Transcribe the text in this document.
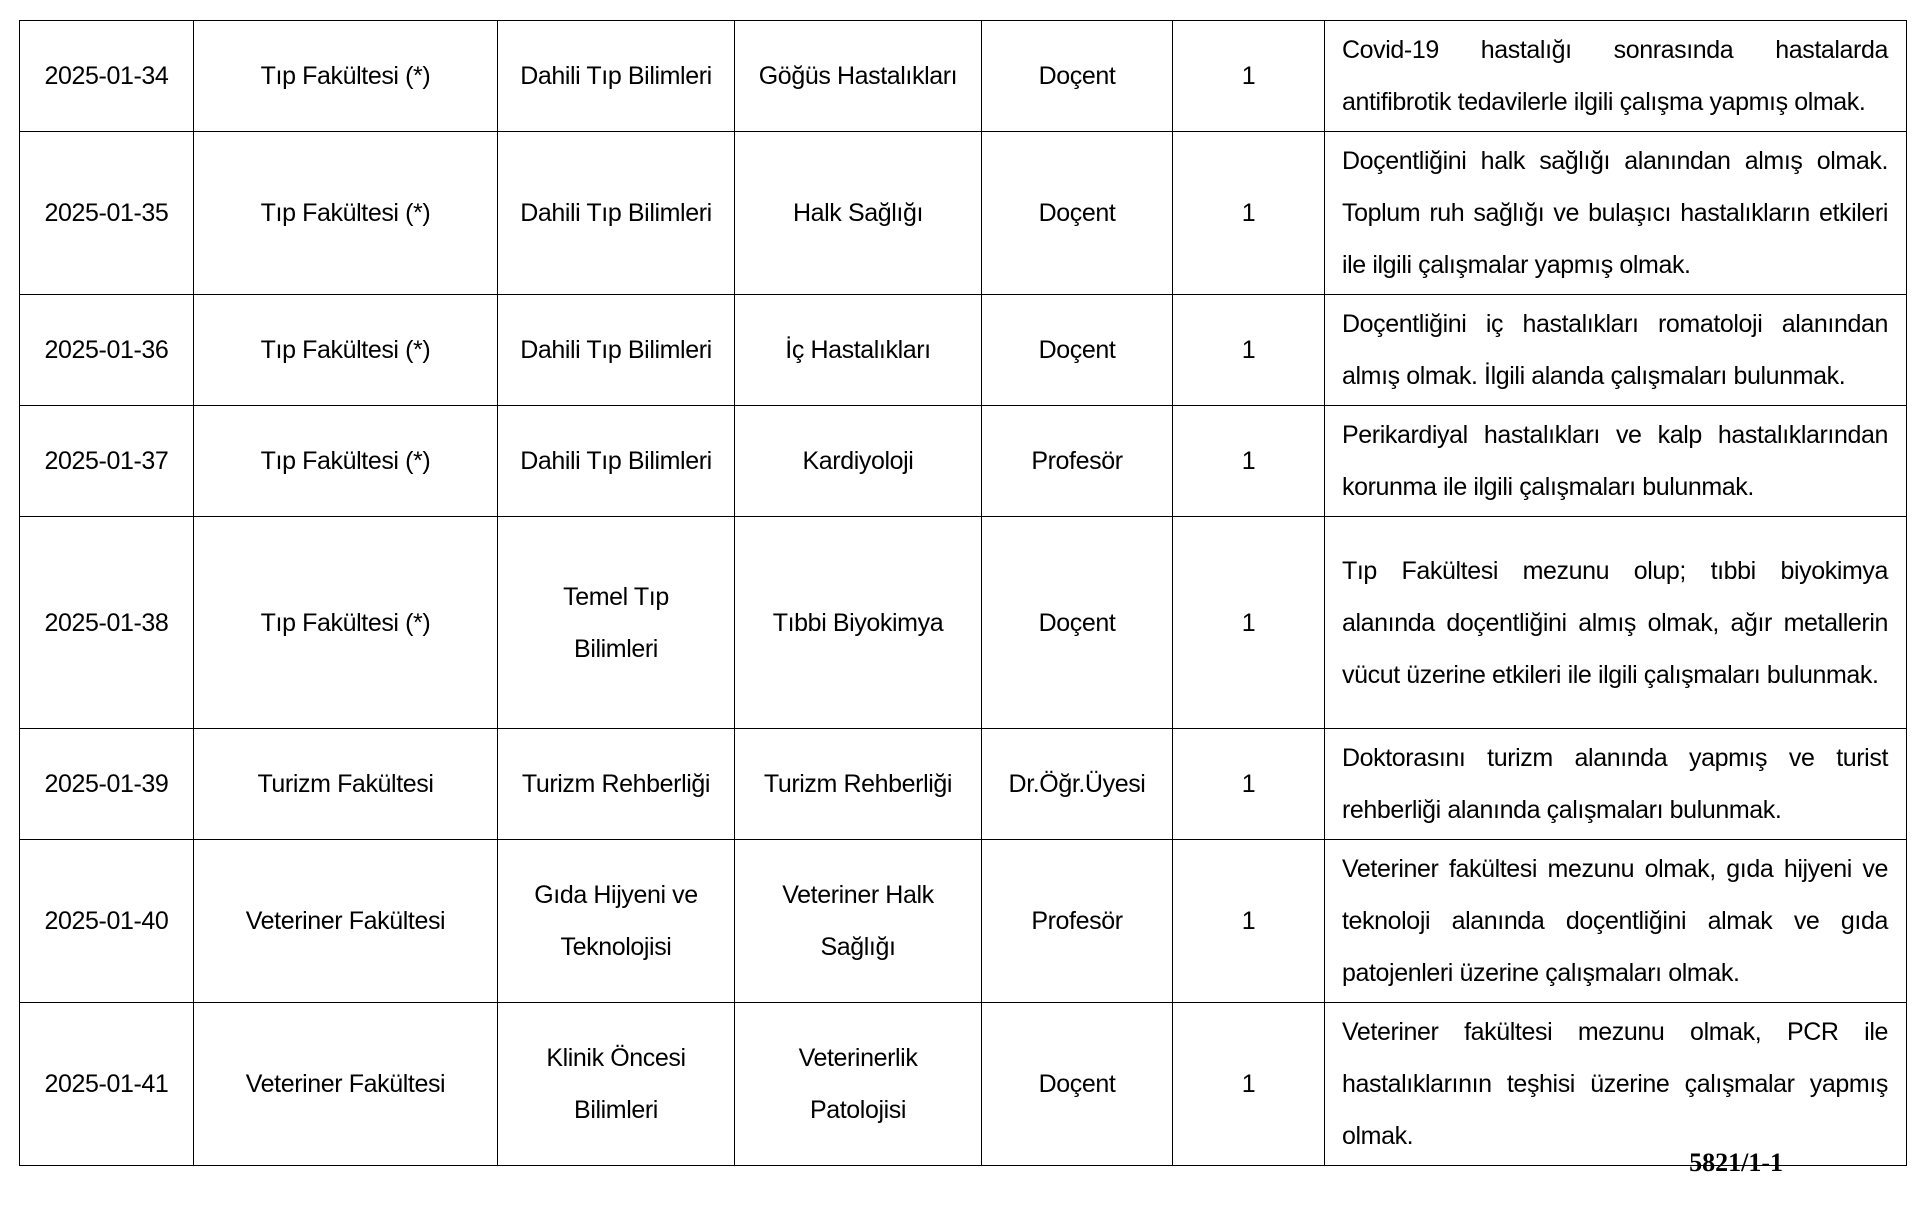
2025-01-34	Tıp Fakültesi (*)	Dahili Tıp Bilimleri	Göğüs Hastalıkları	Doçent	1	Covid-19 hastalığı sonrasında hastalarda antifibrotik tedavilerle ilgili çalışma yapmış olmak.
2025-01-35	Tıp Fakültesi (*)	Dahili Tıp Bilimleri	Halk Sağlığı	Doçent	1	Doçentliğini halk sağlığı alanından almış olmak. Toplum ruh sağlığı ve bulaşıcı hastalıkların etkileri ile ilgili çalışmalar yapmış olmak.
2025-01-36	Tıp Fakültesi (*)	Dahili Tıp Bilimleri	İç Hastalıkları	Doçent	1	Doçentliğini iç hastalıkları romatoloji alanından almış olmak. İlgili alanda çalışmaları bulunmak.
2025-01-37	Tıp Fakültesi (*)	Dahili Tıp Bilimleri	Kardiyoloji	Profesör	1	Perikardiyal hastalıkları ve kalp hastalıklarından korunma ile ilgili çalışmaları bulunmak.
2025-01-38	Tıp Fakültesi (*)	Temel Tıp Bilimleri	Tıbbi Biyokimya	Doçent	1	Tıp Fakültesi mezunu olup; tıbbi biyokimya alanında doçentliğini almış olmak, ağır metallerin vücut üzerine etkileri ile ilgili çalışmaları bulunmak.
2025-01-39	Turizm Fakültesi	Turizm Rehberliği	Turizm Rehberliği	Dr.Öğr.Üyesi	1	Doktorasını turizm alanında yapmış ve turist rehberliği alanında çalışmaları bulunmak.
2025-01-40	Veteriner Fakültesi	Gıda Hijyeni ve Teknolojisi	Veteriner Halk Sağlığı	Profesör	1	Veteriner fakültesi mezunu olmak, gıda hijyeni ve teknoloji alanında doçentliğini almak ve gıda patojenleri üzerine çalışmaları olmak.
2025-01-41	Veteriner Fakültesi	Klinik Öncesi Bilimleri	Veterinerlik Patolojisi	Doçent	1	Veteriner fakültesi mezunu olmak, PCR ile hastalıklarının teşhisi üzerine çalışmalar yapmış olmak.
5821/1-1
